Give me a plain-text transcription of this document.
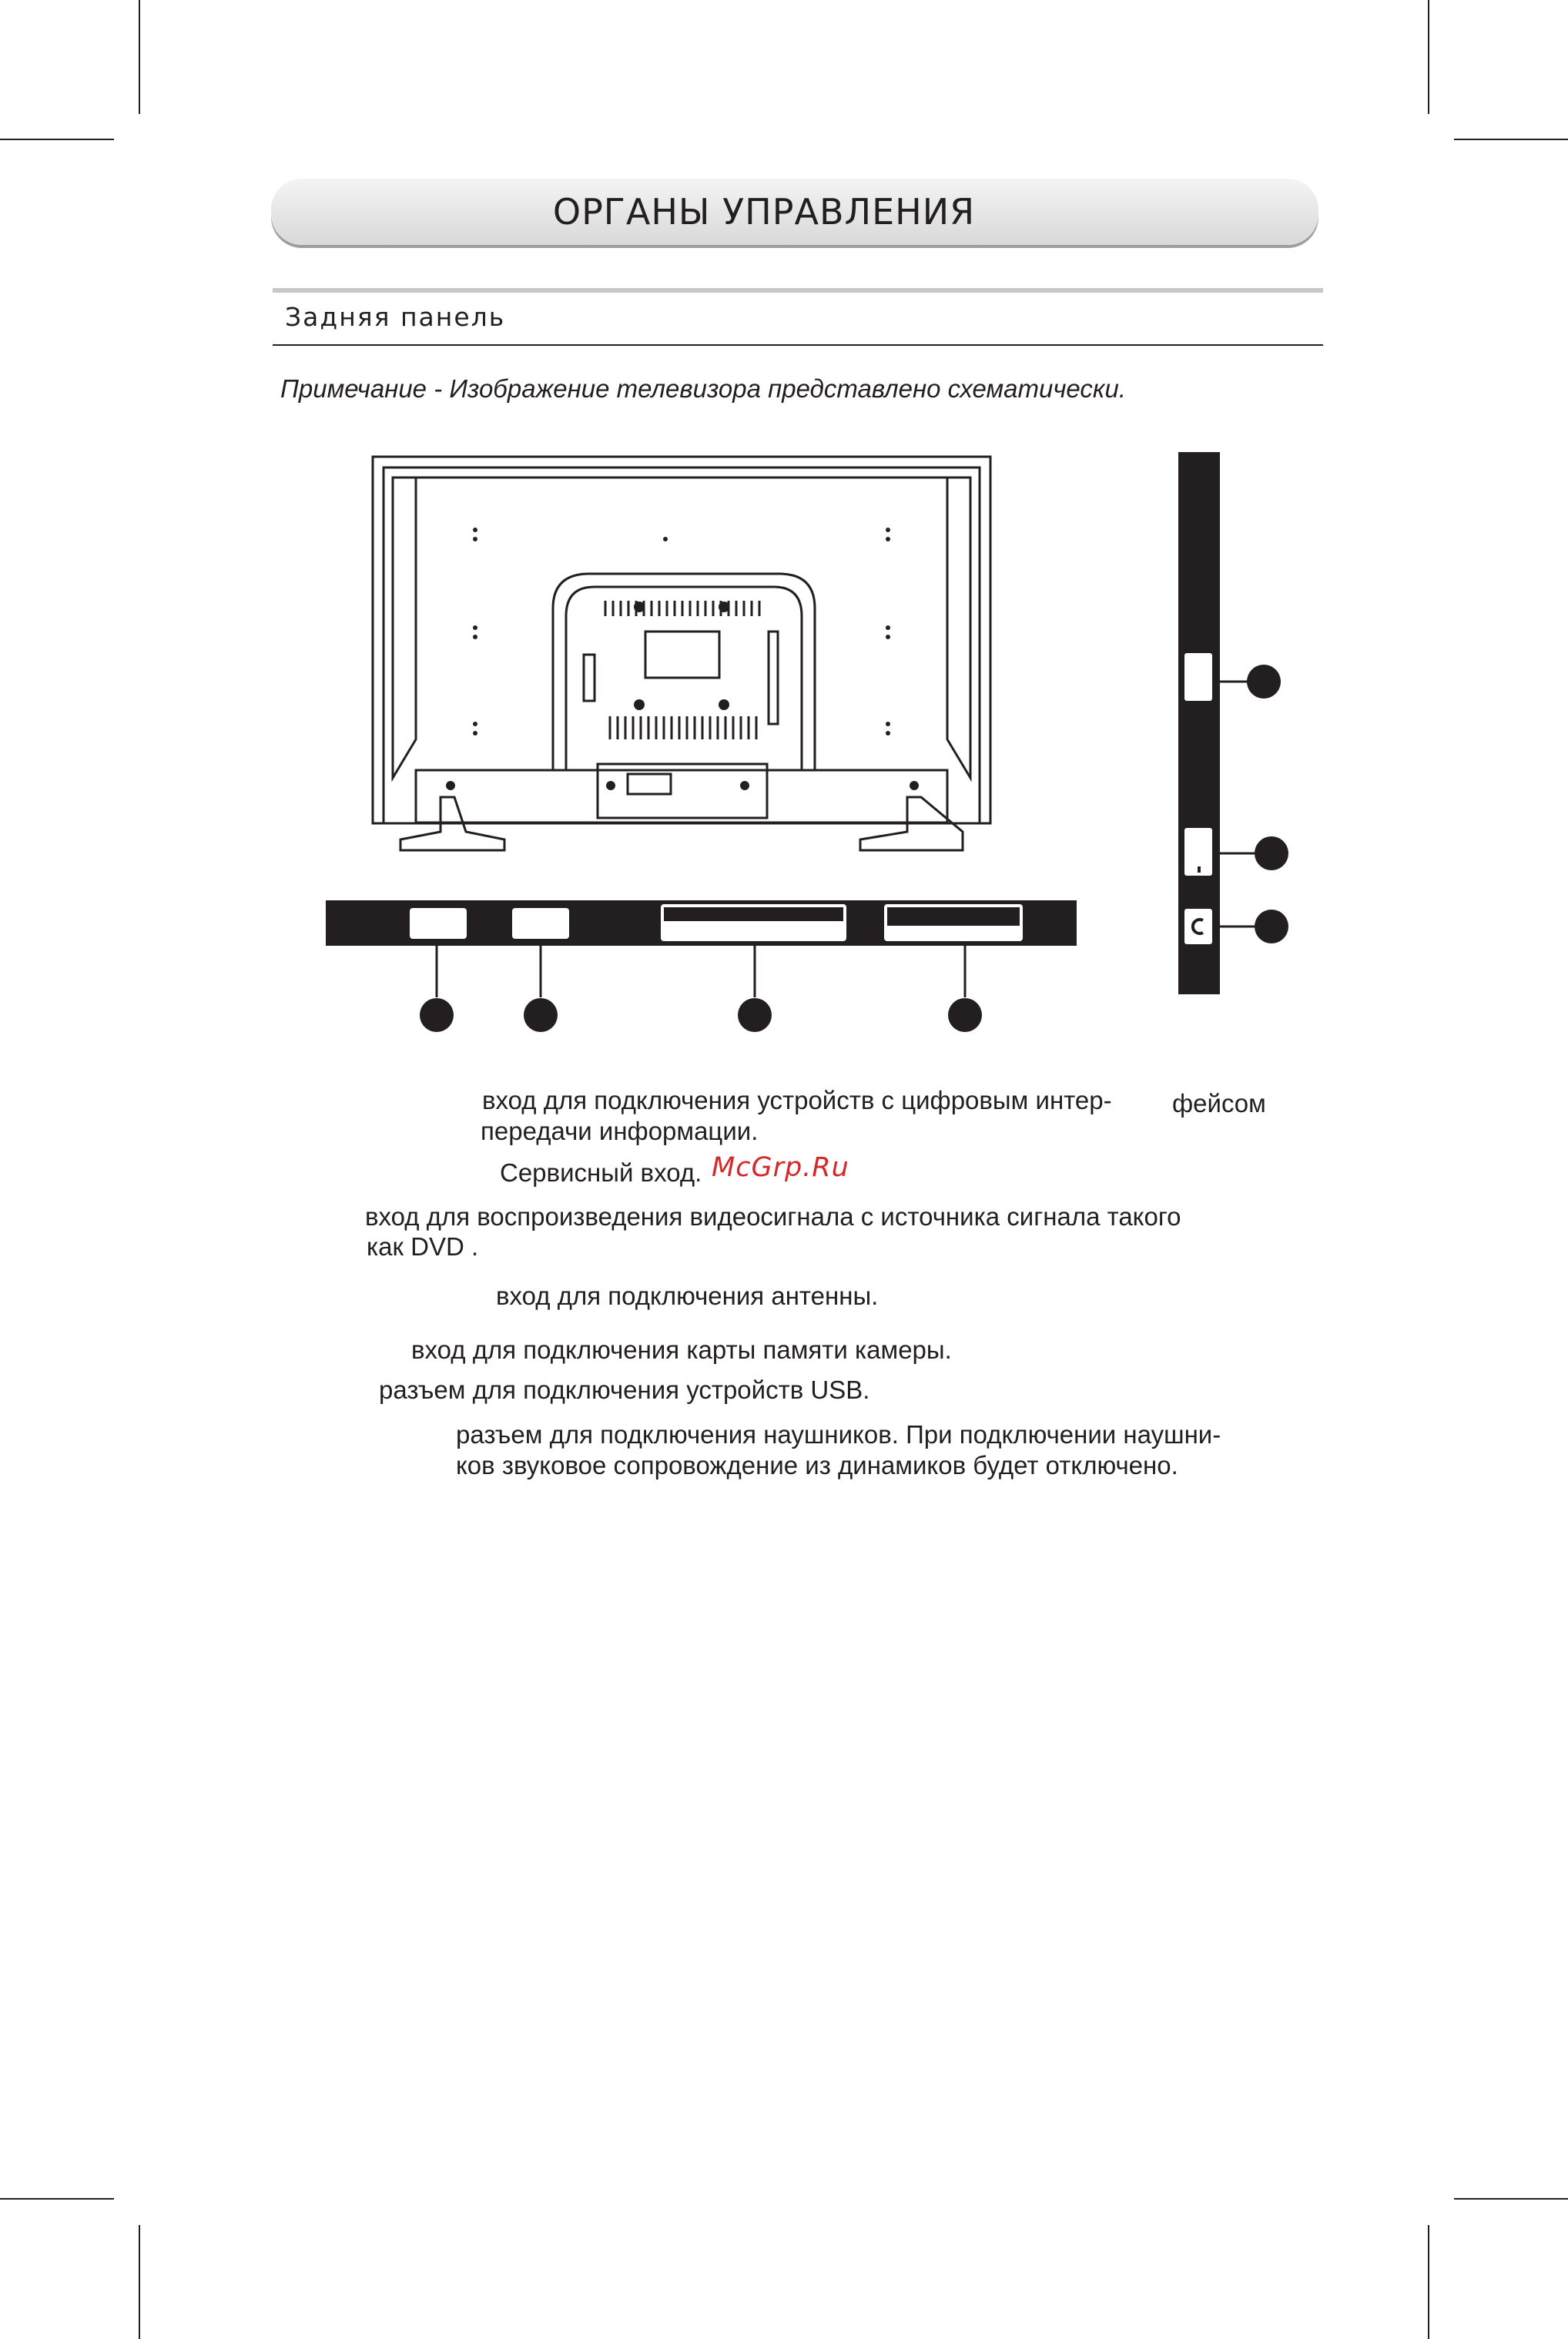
ОРГАНЫ УПРАВЛЕНИЯ
Задняя панель
Примечание - Изображение телевизора представлено схематически.
вход для подключения устройств с цифровым интер- фейсом
передачи информации.
Сервисный вход. McGrp.Ru
вход для воспроизведения видеосигнала с источника сигнала такого
как DVD .
вход для подключения антенны.
вход для подключения карты памяти камеры.
разъем для подключения устройств USB.
разъем для подключения наушников. При подключении наушни-
ков звуковое сопровождение из динамиков будет отключено.
